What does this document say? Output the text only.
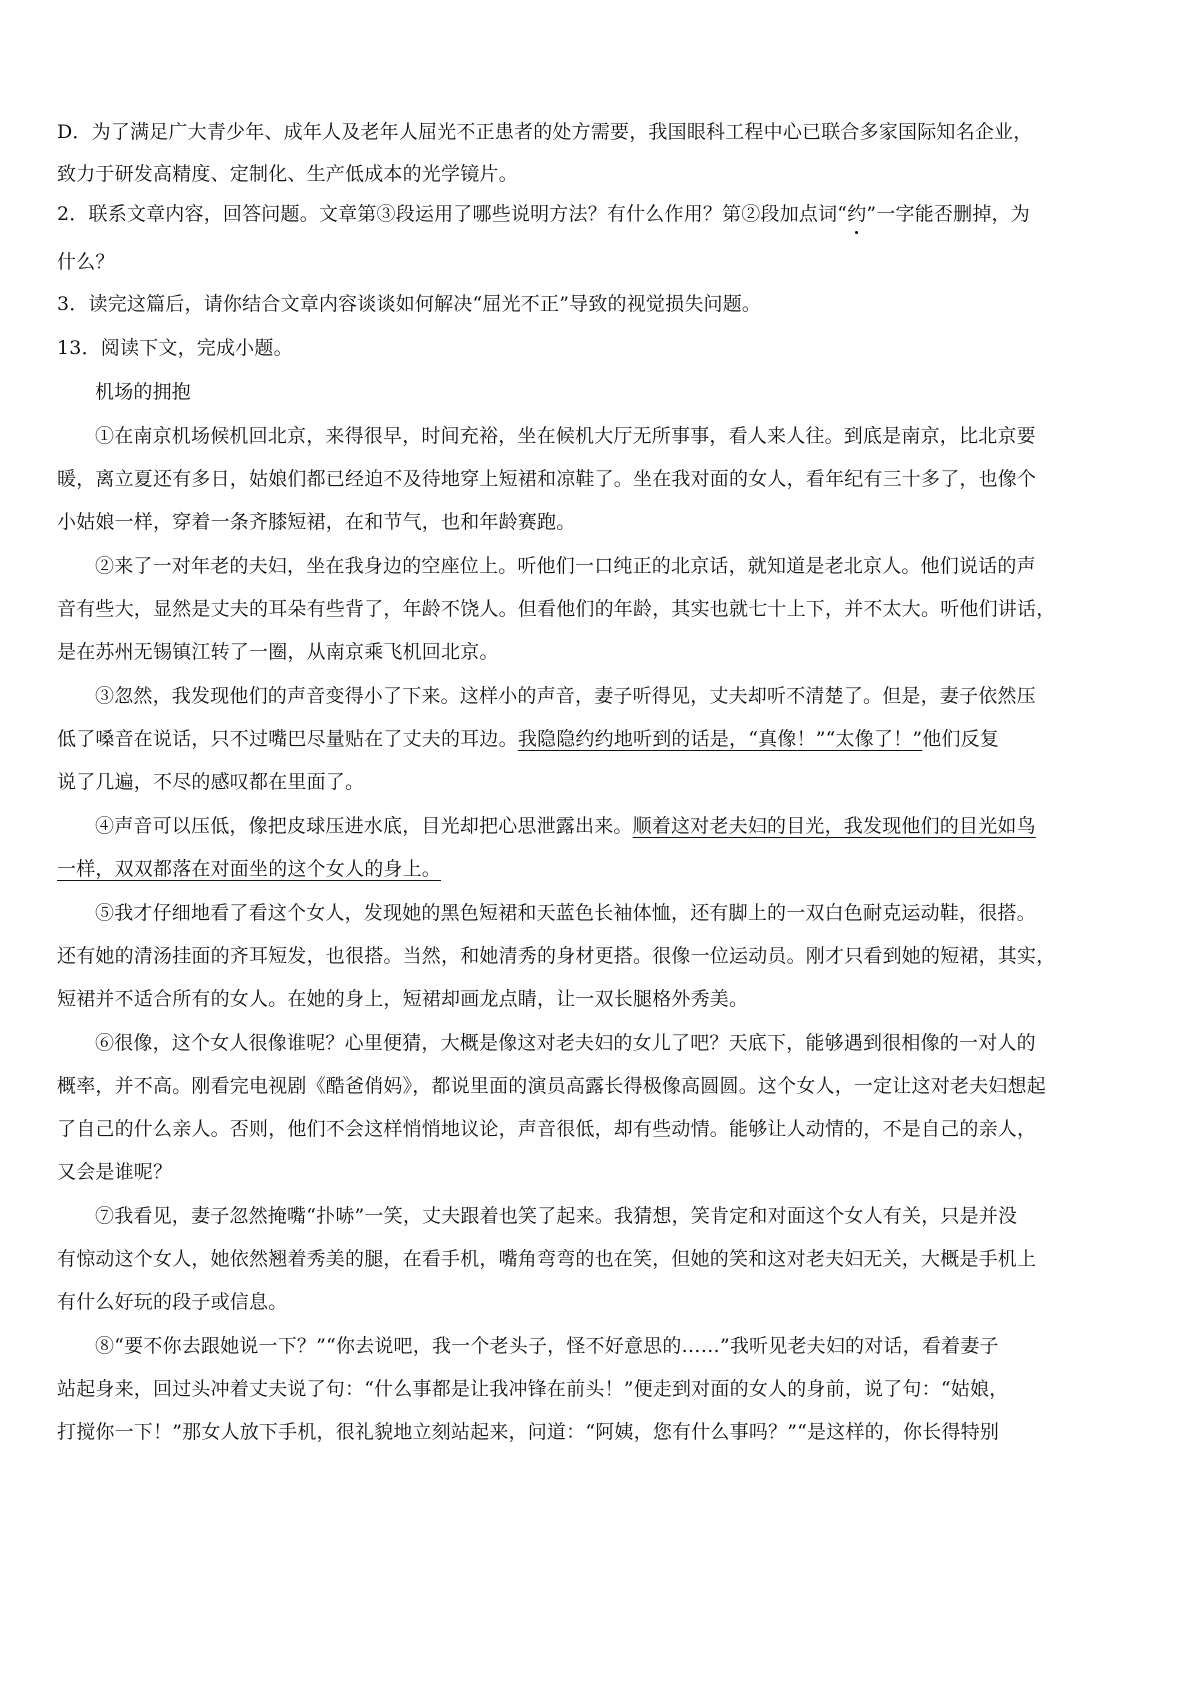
D．为了满足广大青少年、成年人及老年人屈光不正患者的处方需要，我国眼科工程中心已联合多家国际知名企业，
致力于研发高精度、定制化、生产低成本的光学镜片。
2．联系文章内容，回答问题。文章第③段运用了哪些说明方法？有什么作用？第②段加点词“约”一字能否删掉，为
什么？
3．读完这篇后，请你结合文章内容谈谈如何解决“屈光不正”导致的视觉损失问题。
13．阅读下文，完成小题。
机场的拥抱
①在南京机场候机回北京，来得很早，时间充裕，坐在候机大厅无所事事，看人来人往。到底是南京，比北京要
暖，离立夏还有多日，姑娘们都已经迫不及待地穿上短裙和凉鞋了。坐在我对面的女人，看年纪有三十多了，也像个
小姑娘一样，穿着一条齐膝短裙，在和节气，也和年龄赛跑。
②来了一对年老的夫妇，坐在我身边的空座位上。听他们一口纯正的北京话，就知道是老北京人。他们说话的声
音有些大，显然是丈夫的耳朵有些背了，年龄不饶人。但看他们的年龄，其实也就七十上下，并不太大。听他们讲话，
是在苏州无锡镇江转了一圈，从南京乘飞机回北京。
③忽然，我发现他们的声音变得小了下来。这样小的声音，妻子听得见，丈夫却听不清楚了。但是，妻子依然压
低了嗓音在说话，只不过嘴巴尽量贴在了丈夫的耳边。我隐隐约约地听到的话是，“真像！”“太像了！”他们反复
说了几遍，不尽的感叹都在里面了。
④声音可以压低，像把皮球压进水底，目光却把心思泄露出来。顺着这对老夫妇的目光，我发现他们的目光如鸟
一样，双双都落在对面坐的这个女人的身上。
⑤我才仔细地看了看这个女人，发现她的黑色短裙和天蓝色长袖体恤，还有脚上的一双白色耐克运动鞋，很搭。
还有她的清汤挂面的齐耳短发，也很搭。当然，和她清秀的身材更搭。很像一位运动员。刚才只看到她的短裙，其实，
短裙并不适合所有的女人。在她的身上，短裙却画龙点睛，让一双长腿格外秀美。
⑥很像，这个女人很像谁呢？心里便猜，大概是像这对老夫妇的女儿了吧？天底下，能够遇到很相像的一对人的
概率，并不高。刚看完电视剧《酷爸俏妈》，都说里面的演员高露长得极像高圆圆。这个女人，一定让这对老夫妇想起
了自己的什么亲人。否则，他们不会这样悄悄地议论，声音很低，却有些动情。能够让人动情的，不是自己的亲人，
又会是谁呢？
⑦我看见，妻子忽然掩嘴“扑哧”一笑，丈夫跟着也笑了起来。我猜想，笑肯定和对面这个女人有关，只是并没
有惊动这个女人，她依然翘着秀美的腿，在看手机，嘴角弯弯的也在笑，但她的笑和这对老夫妇无关，大概是手机上
有什么好玩的段子或信息。
⑧“要不你去跟她说一下？”“你去说吧，我一个老头子，怪不好意思的……”我听见老夫妇的对话，看着妻子
站起身来，回过头冲着丈夫说了句：“什么事都是让我冲锋在前头！”便走到对面的女人的身前，说了句：“姑娘，
打搅你一下！”那女人放下手机，很礼貌地立刻站起来，问道：“阿姨，您有什么事吗？”“是这样的，你长得特别
